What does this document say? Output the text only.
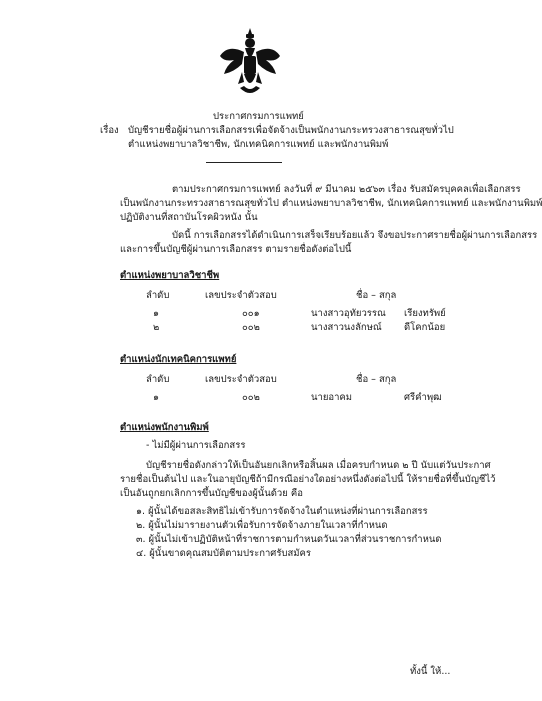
ประกาศกรมการแพทย์
เรื่อง บัญชีรายชื่อผู้ผ่านการเลือกสรรเพื่อจัดจ้างเป็นพนักงานกระทรวงสาธารณสุขทั่วไป
ตำแหน่งพยาบาลวิชาชีพ, นักเทคนิคการแพทย์ และพนักงานพิมพ์
ตามประกาศกรมการแพทย์ ลงวันที่ ๙ มีนาคม ๒๕๖๓ เรื่อง รับสมัครบุคคลเพื่อเลือกสรร
เป็นพนักงานกระทรวงสาธารณสุขทั่วไป ตำแหน่งพยาบาลวิชาชีพ, นักเทคนิคการแพทย์ และพนักงานพิมพ์
ปฏิบัติงานที่สถาบันโรคผิวหนัง นั้น
บัดนี้ การเลือกสรรได้ดำเนินการเสร็จเรียบร้อยแล้ว จึงขอประกาศรายชื่อผู้ผ่านการเลือกสรร
และการขึ้นบัญชีผู้ผ่านการเลือกสรร ตามรายชื่อดังต่อไปนี้
ตำแหน่งพยาบาลวิชาชีพ
ลำดับ	เลขประจำตัวสอบ	ชื่อ – สกุล
๑	๐๐๑	นางสาวอุทัยวรรณ เรียงทรัพย์
๒	๐๐๒	นางสาวนงลักษณ์ ดีโคกน้อย
ตำแหน่งนักเทคนิคการแพทย์
ลำดับ	เลขประจำตัวสอบ	ชื่อ – สกุล
๑	๐๐๒	นายอาคม	ศรีคำพุฒ
ตำแหน่งพนักงานพิมพ์
- ไม่มีผู้ผ่านการเลือกสรร
บัญชีรายชื่อดังกล่าวให้เป็นอันยกเลิกหรือสิ้นผล เมื่อครบกำหนด ๒ ปี นับแต่วันประกาศ
รายชื่อเป็นต้นไป และในอายุบัญชีถ้ามีกรณีอย่างใดอย่างหนึ่งดังต่อไปนี้ ให้รายชื่อที่ขึ้นบัญชีไว้
เป็นอันถูกยกเลิกการขึ้นบัญชีของผู้นั้นด้วย คือ
๑. ผู้นั้นได้ขอสละสิทธิไม่เข้ารับการจัดจ้างในตำแหน่งที่ผ่านการเลือกสรร
๒. ผู้นั้นไม่มารายงานตัวเพื่อรับการจัดจ้างภายในเวลาที่กำหนด
๓. ผู้นั้นไม่เข้าปฏิบัติหน้าที่ราชการตามกำหนดวันเวลาที่ส่วนราชการกำหนด
๔. ผู้นั้นขาดคุณสมบัติตามประกาศรับสมัคร
ทั้งนี้ ให้...
